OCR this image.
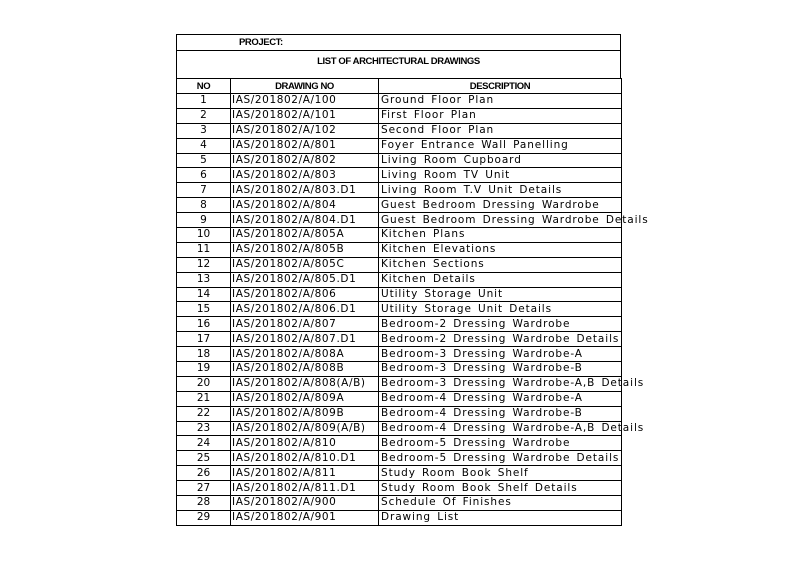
PROJECT:
LIST OF ARCHITECTURAL DRAWINGS
NO	DRAWING NO	DESCRIPTION
1	IAS/201802/A/100	Ground Floor Plan
2	IAS/201802/A/101	First Floor Plan
3	IAS/201802/A/102	Second Floor Plan
4	IAS/201802/A/801	Foyer Entrance Wall Panelling
5	IAS/201802/A/802	Living Room Cupboard
6	IAS/201802/A/803	Living Room TV Unit
7	IAS/201802/A/803.D1	Living Room T.V Unit Details
8	IAS/201802/A/804	Guest Bedroom Dressing Wardrobe
9	IAS/201802/A/804.D1	Guest Bedroom Dressing Wardrobe Details
10	IAS/201802/A/805A	Kitchen Plans
11	IAS/201802/A/805B	Kitchen Elevations
12	IAS/201802/A/805C	Kitchen Sections
13	IAS/201802/A/805.D1	Kitchen Details
14	IAS/201802/A/806	Utility Storage Unit
15	IAS/201802/A/806.D1	Utility Storage Unit Details
16	IAS/201802/A/807	Bedroom-2 Dressing Wardrobe
17	IAS/201802/A/807.D1	Bedroom-2 Dressing Wardrobe Details
18	IAS/201802/A/808A	Bedroom-3 Dressing Wardrobe-A
19	IAS/201802/A/808B	Bedroom-3 Dressing Wardrobe-B
20	IAS/201802/A/808(A/B)	Bedroom-3 Dressing Wardrobe-A,B Details
21	IAS/201802/A/809A	Bedroom-4 Dressing Wardrobe-A
22	IAS/201802/A/809B	Bedroom-4 Dressing Wardrobe-B
23	IAS/201802/A/809(A/B)	Bedroom-4 Dressing Wardrobe-A,B Details
24	IAS/201802/A/810	Bedroom-5 Dressing Wardrobe
25	IAS/201802/A/810.D1	Bedroom-5 Dressing Wardrobe Details
26	IAS/201802/A/811	Study Room Book Shelf
27	IAS/201802/A/811.D1	Study Room Book Shelf Details
28	IAS/201802/A/900	Schedule Of Finishes
29	IAS/201802/A/901	Drawing List
